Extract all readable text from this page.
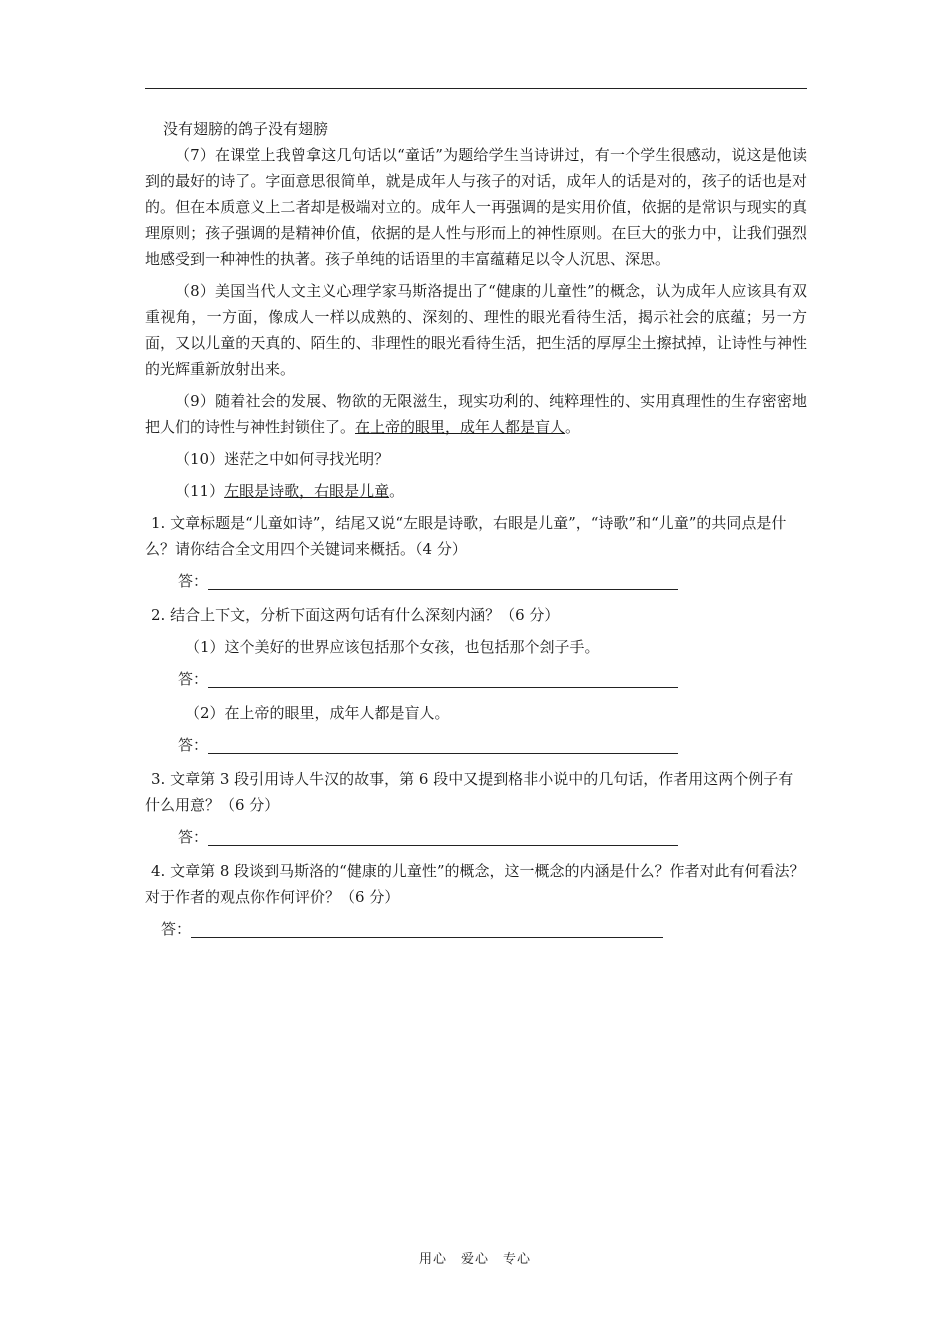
没有翅膀的鸽子没有翅膀

（7）在课堂上我曾拿这几句话以“童话”为题给学生当诗讲过，有一个学生很感动，说这是他读到的最好的诗了。字面意思很简单，就是成年人与孩子的对话，成年人的话是对的，孩子的话也是对的。但在本质意义上二者却是极端对立的。成年人一再强调的是实用价值，依据的是常识与现实的真理原则；孩子强调的是精神价值，依据的是人性与形而上的神性原则。在巨大的张力中，让我们强烈地感受到一种神性的执著。孩子单纯的话语里的丰富蕴藉足以令人沉思、深思。

（8）美国当代人文主义心理学家马斯洛提出了“健康的儿童性”的概念，认为成年人应该具有双重视角，一方面，像成人一样以成熟的、深刻的、理性的眼光看待生活，揭示社会的底蕴；另一方面，又以儿童的天真的、陌生的、非理性的眼光看待生活，把生活的厚厚尘土擦拭掉，让诗性与神性的光辉重新放射出来。

（9）随着社会的发展、物欲的无限滋生，现实功利的、纯粹理性的、实用真理性的生存密密地把人们的诗性与神性封锁住了。在上帝的眼里，成年人都是盲人。

（10）迷茫之中如何寻找光明？

（11）左眼是诗歌，右眼是儿童。

1. 文章标题是“儿童如诗”，结尾又说“左眼是诗歌，右眼是儿童”，“诗歌”和“儿童”的共同点是什么？请你结合全文用四个关键词来概括。（4 分）

答：

2. 结合上下文，分析下面这两句话有什么深刻内涵？（6 分）

（1）这个美好的世界应该包括那个女孩，也包括那个刽子手。

答：

（2）在上帝的眼里，成年人都是盲人。

答：

3. 文章第 3 段引用诗人牛汉的故事，第 6 段中又提到格非小说中的几句话，作者用这两个例子有什么用意？（6 分）

答：

4. 文章第 8 段谈到马斯洛的“健康的儿童性”的概念，这一概念的内涵是什么？作者对此有何看法？对于作者的观点你作何评价？（6 分）

答：

用心　爱心　专心
